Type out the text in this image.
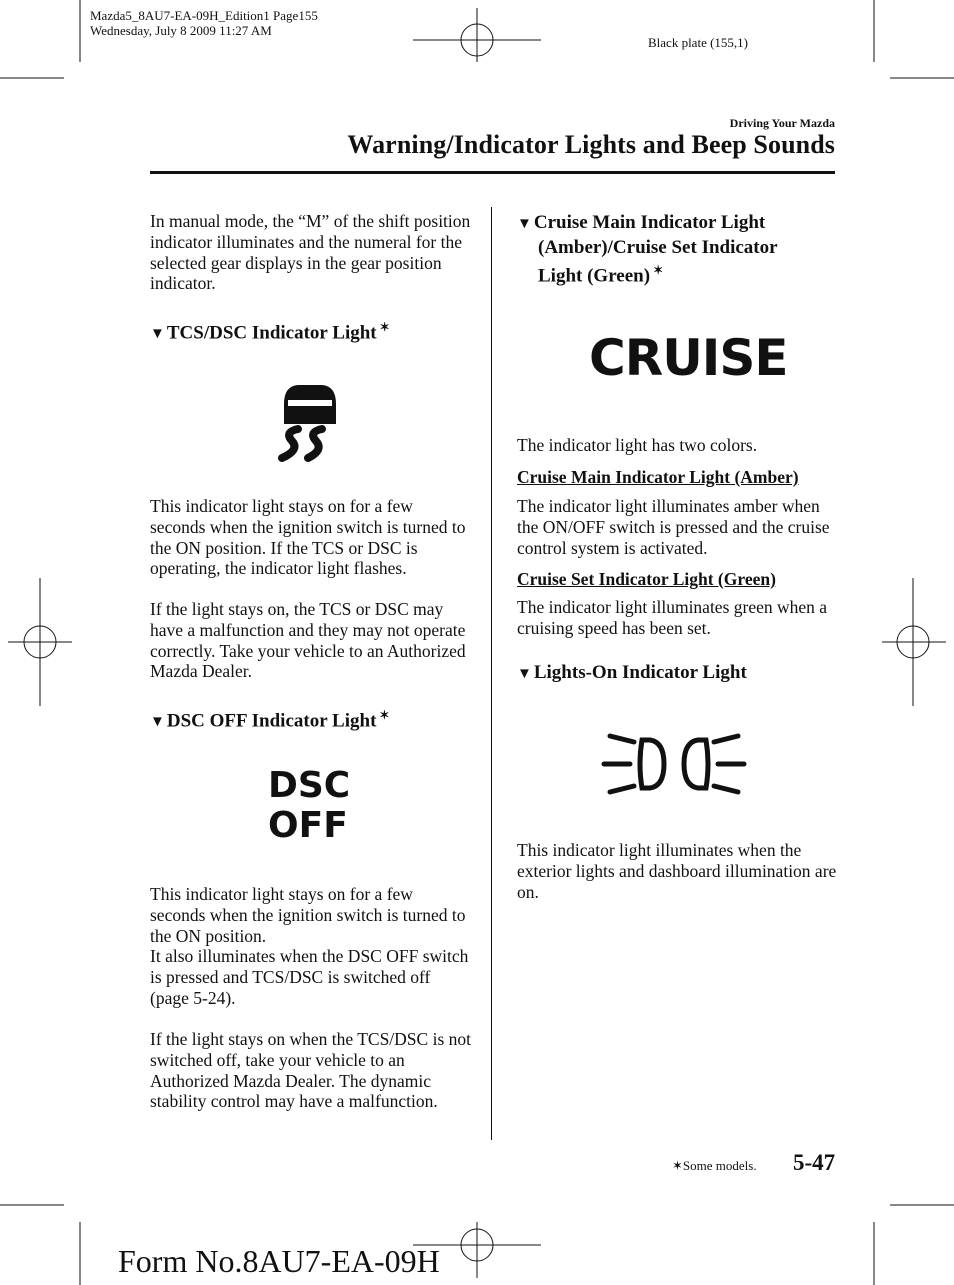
Mazda5_8AU7-EA-09H_Edition1 Page155
Wednesday, July 8 2009 11:27 AM
Black plate (155,1)
Driving Your Mazda
Warning/Indicator Lights and Beep Sounds
In manual mode, the “M” of the shift position indicator illuminates and the numeral for the selected gear displays in the gear position indicator.
▼ TCS/DSC Indicator Light ✶
This indicator light stays on for a few seconds when the ignition switch is turned to the ON position. If the TCS or DSC is operating, the indicator light flashes.
If the light stays on, the TCS or DSC may have a malfunction and they may not operate correctly. Take your vehicle to an Authorized Mazda Dealer.
▼ DSC OFF Indicator Light ✶
DSC
OFF
This indicator light stays on for a few seconds when the ignition switch is turned to the ON position.
It also illuminates when the DSC OFF switch is pressed and TCS/DSC is switched off (page 5-24).
If the light stays on when the TCS/DSC is not switched off, take your vehicle to an Authorized Mazda Dealer. The dynamic stability control may have a malfunction.
▼ Cruise Main Indicator Light
(Amber)/Cruise Set Indicator
Light (Green) ✶
CRUISE
The indicator light has two colors.
Cruise Main Indicator Light (Amber)
The indicator light illuminates amber when the ON/OFF switch is pressed and the cruise control system is activated.
Cruise Set Indicator Light (Green)
The indicator light illuminates green when a cruising speed has been set.
▼ Lights-On Indicator Light
This indicator light illuminates when the exterior lights and dashboard illumination are on.
✶Some models. 5-47
Form No.8AU7-EA-09H
